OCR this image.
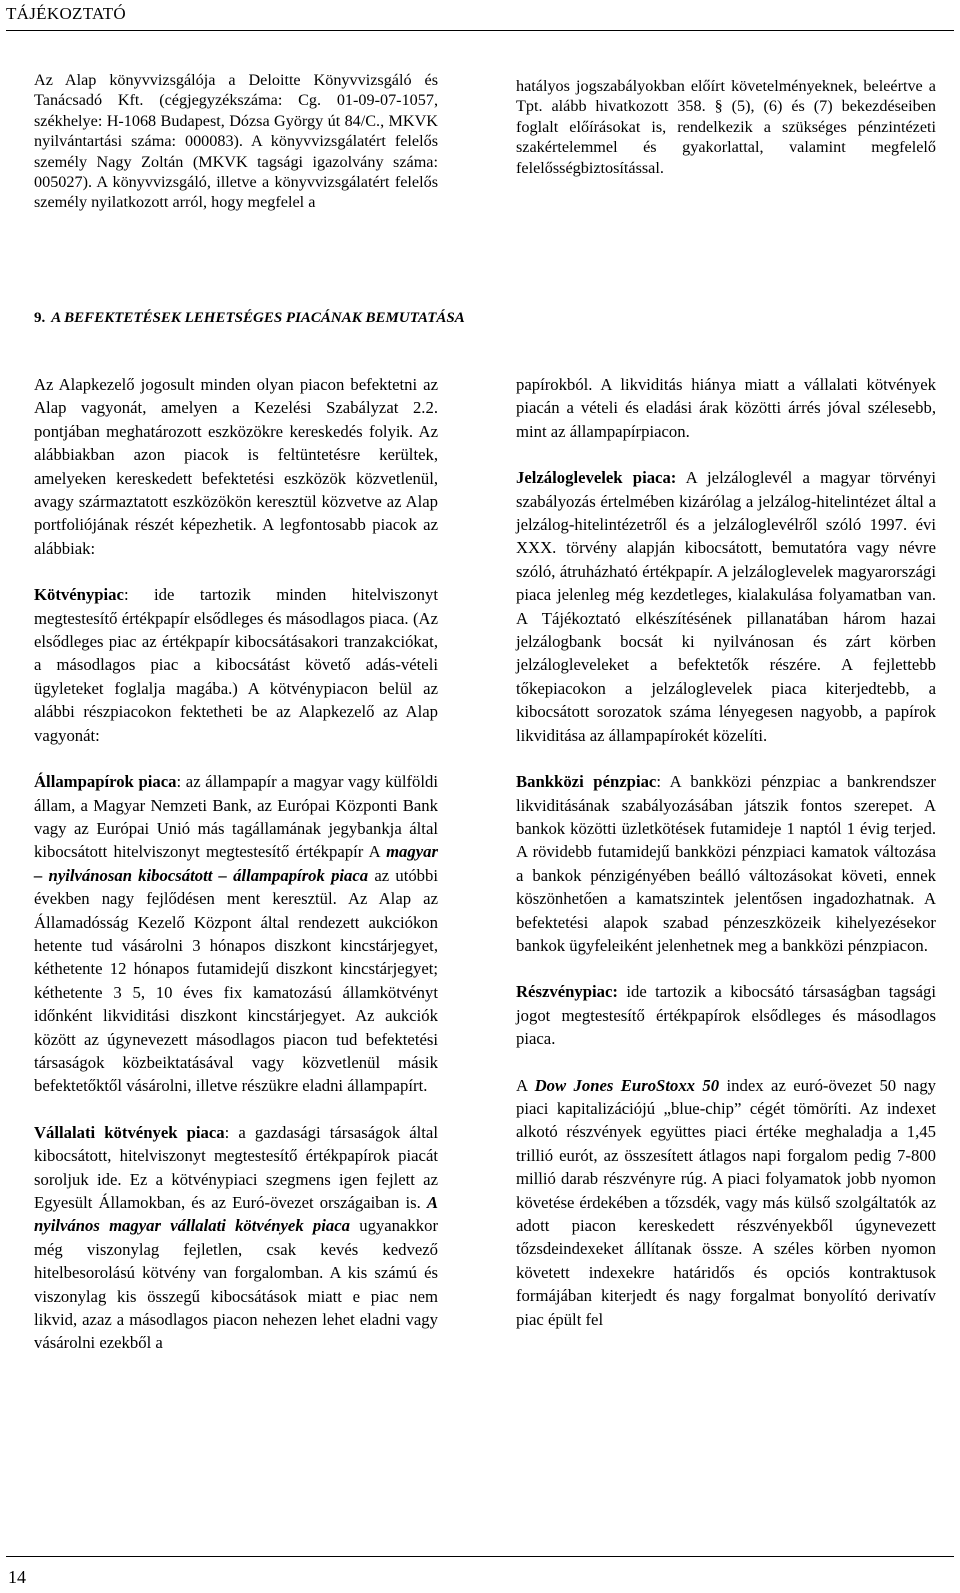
TÁJÉKOZTATÓ

Az Alap könyvvizsgálója a Deloitte Könyvvizsgáló és Tanácsadó Kft. (cégjegyzékszáma: Cg. 01-09-07-1057, székhelye: H-1068 Budapest, Dózsa György út 84/C., MKVK nyilvántartási száma: 000083). A könyvvizsgálatért felelős személy Nagy Zoltán (MKVK tagsági igazolvány száma: 005027). A könyvvizsgáló, illetve a könyvvizsgálatért felelős személy nyilatkozott arról, hogy megfelel a

hatályos jogszabályokban előírt követelményeknek, beleértve a Tpt. alább hivatkozott 358. § (5), (6) és (7) bekezdéseiben foglalt előírásokat is, rendelkezik a szükséges pénzintézeti szakértelemmel és gyakorlattal, valamint megfelelő felelősségbiztosítással.

9. A BEFEKTETÉSEK LEHETSÉGES PIACÁNAK BEMUTATÁSA

Az Alapkezelő jogosult minden olyan piacon befektetni az Alap vagyonát, amelyen a Kezelési Szabályzat 2.2. pontjában meghatározott eszközökre kereskedés folyik. Az alábbiakban azon piacok is feltüntetésre kerültek, amelyeken kereskedett befektetési eszközök közvetlenül, avagy származtatott eszközökön keresztül közvetve az Alap portfoliójának részét képezhetik. A legfontosabb piacok az alábbiak:

Kötvénypiac: ide tartozik minden hitelviszonyt megtestesítő értékpapír elsődleges és másodlagos piaca. (Az elsődleges piac az értékpapír kibocsátásakori tranzakciókat, a másodlagos piac a kibocsátást követő adás-vételi ügyleteket foglalja magába.) A kötvénypiacon belül az alábbi részpiacokon fektetheti be az Alapkezelő az Alap vagyonát:

Állampapírok piaca: az állampapír a magyar vagy külföldi állam, a Magyar Nemzeti Bank, az Európai Központi Bank vagy az Európai Unió más tagállamának jegybankja által kibocsátott hitelviszonyt megtestesítő értékpapír A magyar – nyilvánosan kibocsátott – állampapírok piaca az utóbbi években nagy fejlődésen ment keresztül. Az Alap az Államadósság Kezelő Központ által rendezett aukciókon hetente tud vásárolni 3 hónapos diszkont kincstárjegyet, kéthetente 12 hónapos futamidejű diszkont kincstárjegyet; kéthetente 3 5, 10 éves fix kamatozású államkötvényt időnként likviditási diszkont kincstárjegyet. Az aukciók között az úgynevezett másodlagos piacon tud befektetési társaságok közbeiktatásával vagy közvetlenül másik befektetőktől vásárolni, illetve részükre eladni állampapírt.

Vállalati kötvények piaca: a gazdasági társaságok által kibocsátott, hitelviszonyt megtestesítő értékpapírok piacát soroljuk ide. Ez a kötvénypiaci szegmens igen fejlett az Egyesült Államokban, és az Euró-övezet országaiban is. A nyilvános magyar vállalati kötvények piaca ugyanakkor még viszonylag fejletlen, csak kevés kedvező hitelbesorolású kötvény van forgalomban. A kis számú és viszonylag kis összegű kibocsátások miatt e piac nem likvid, azaz a másodlagos piacon nehezen lehet eladni vagy vásárolni ezekből a

papírokból. A likviditás hiánya miatt a vállalati kötvények piacán a vételi és eladási árak közötti árrés jóval szélesebb, mint az állampapírpiacon.

Jelzáloglevelek piaca: A jelzáloglevél a magyar törvényi szabályozás értelmében kizárólag a jelzálog-hitelintézet által a jelzálog-hitelintézetről és a jelzáloglevélről szóló 1997. évi XXX. törvény alapján kibocsátott, bemutatóra vagy névre szóló, átruházható értékpapír. A jelzáloglevelek magyarországi piaca jelenleg még kezdetleges, kialakulása folyamatban van. A Tájékoztató elkészítésének pillanatában három hazai jelzálogbank bocsát ki nyilvánosan és zárt körben jelzálogleveleket a befektetők részére. A fejlettebb tőkepiacokon a jelzáloglevelek piaca kiterjedtebb, a kibocsátott sorozatok száma lényegesen nagyobb, a papírok likviditása az állampapírokét közelíti.

Bankközi pénzpiac: A bankközi pénzpiac a bankrendszer likviditásának szabályozásában játszik fontos szerepet. A bankok közötti üzletkötések futamideje 1 naptól 1 évig terjed. A rövidebb futamidejű bankközi pénzpiaci kamatok változása a bankok pénzigényében beálló változásokat követi, ennek köszönhetően a kamatszintek jelentősen ingadozhatnak. A befektetési alapok szabad pénzeszközeik kihelyezésekor bankok ügyfeleiként jelenhetnek meg a bankközi pénzpiacon.

Részvénypiac: ide tartozik a kibocsátó társaságban tagsági jogot megtestesítő értékpapírok elsődleges és másodlagos piaca.

A Dow Jones EuroStoxx 50 index az euró-övezet 50 nagy piaci kapitalizációjú „blue-chip” cégét tömöríti. Az indexet alkotó részvények együttes piaci értéke meghaladja a 1,45 trillió eurót, az összesített átlagos napi forgalom pedig 7-800 millió darab részvényre rúg. A piaci folyamatok jobb nyomon követése érdekében a tőzsdék, vagy más külső szolgáltatók az adott piacon kereskedett részvényekből úgynevezett tőzsdeindexeket állítanak össze. A széles körben nyomon követett indexekre határidős és opciós kontraktusok formájában kiterjedt és nagy forgalmat bonyolító derivatív piac épült fel

14
